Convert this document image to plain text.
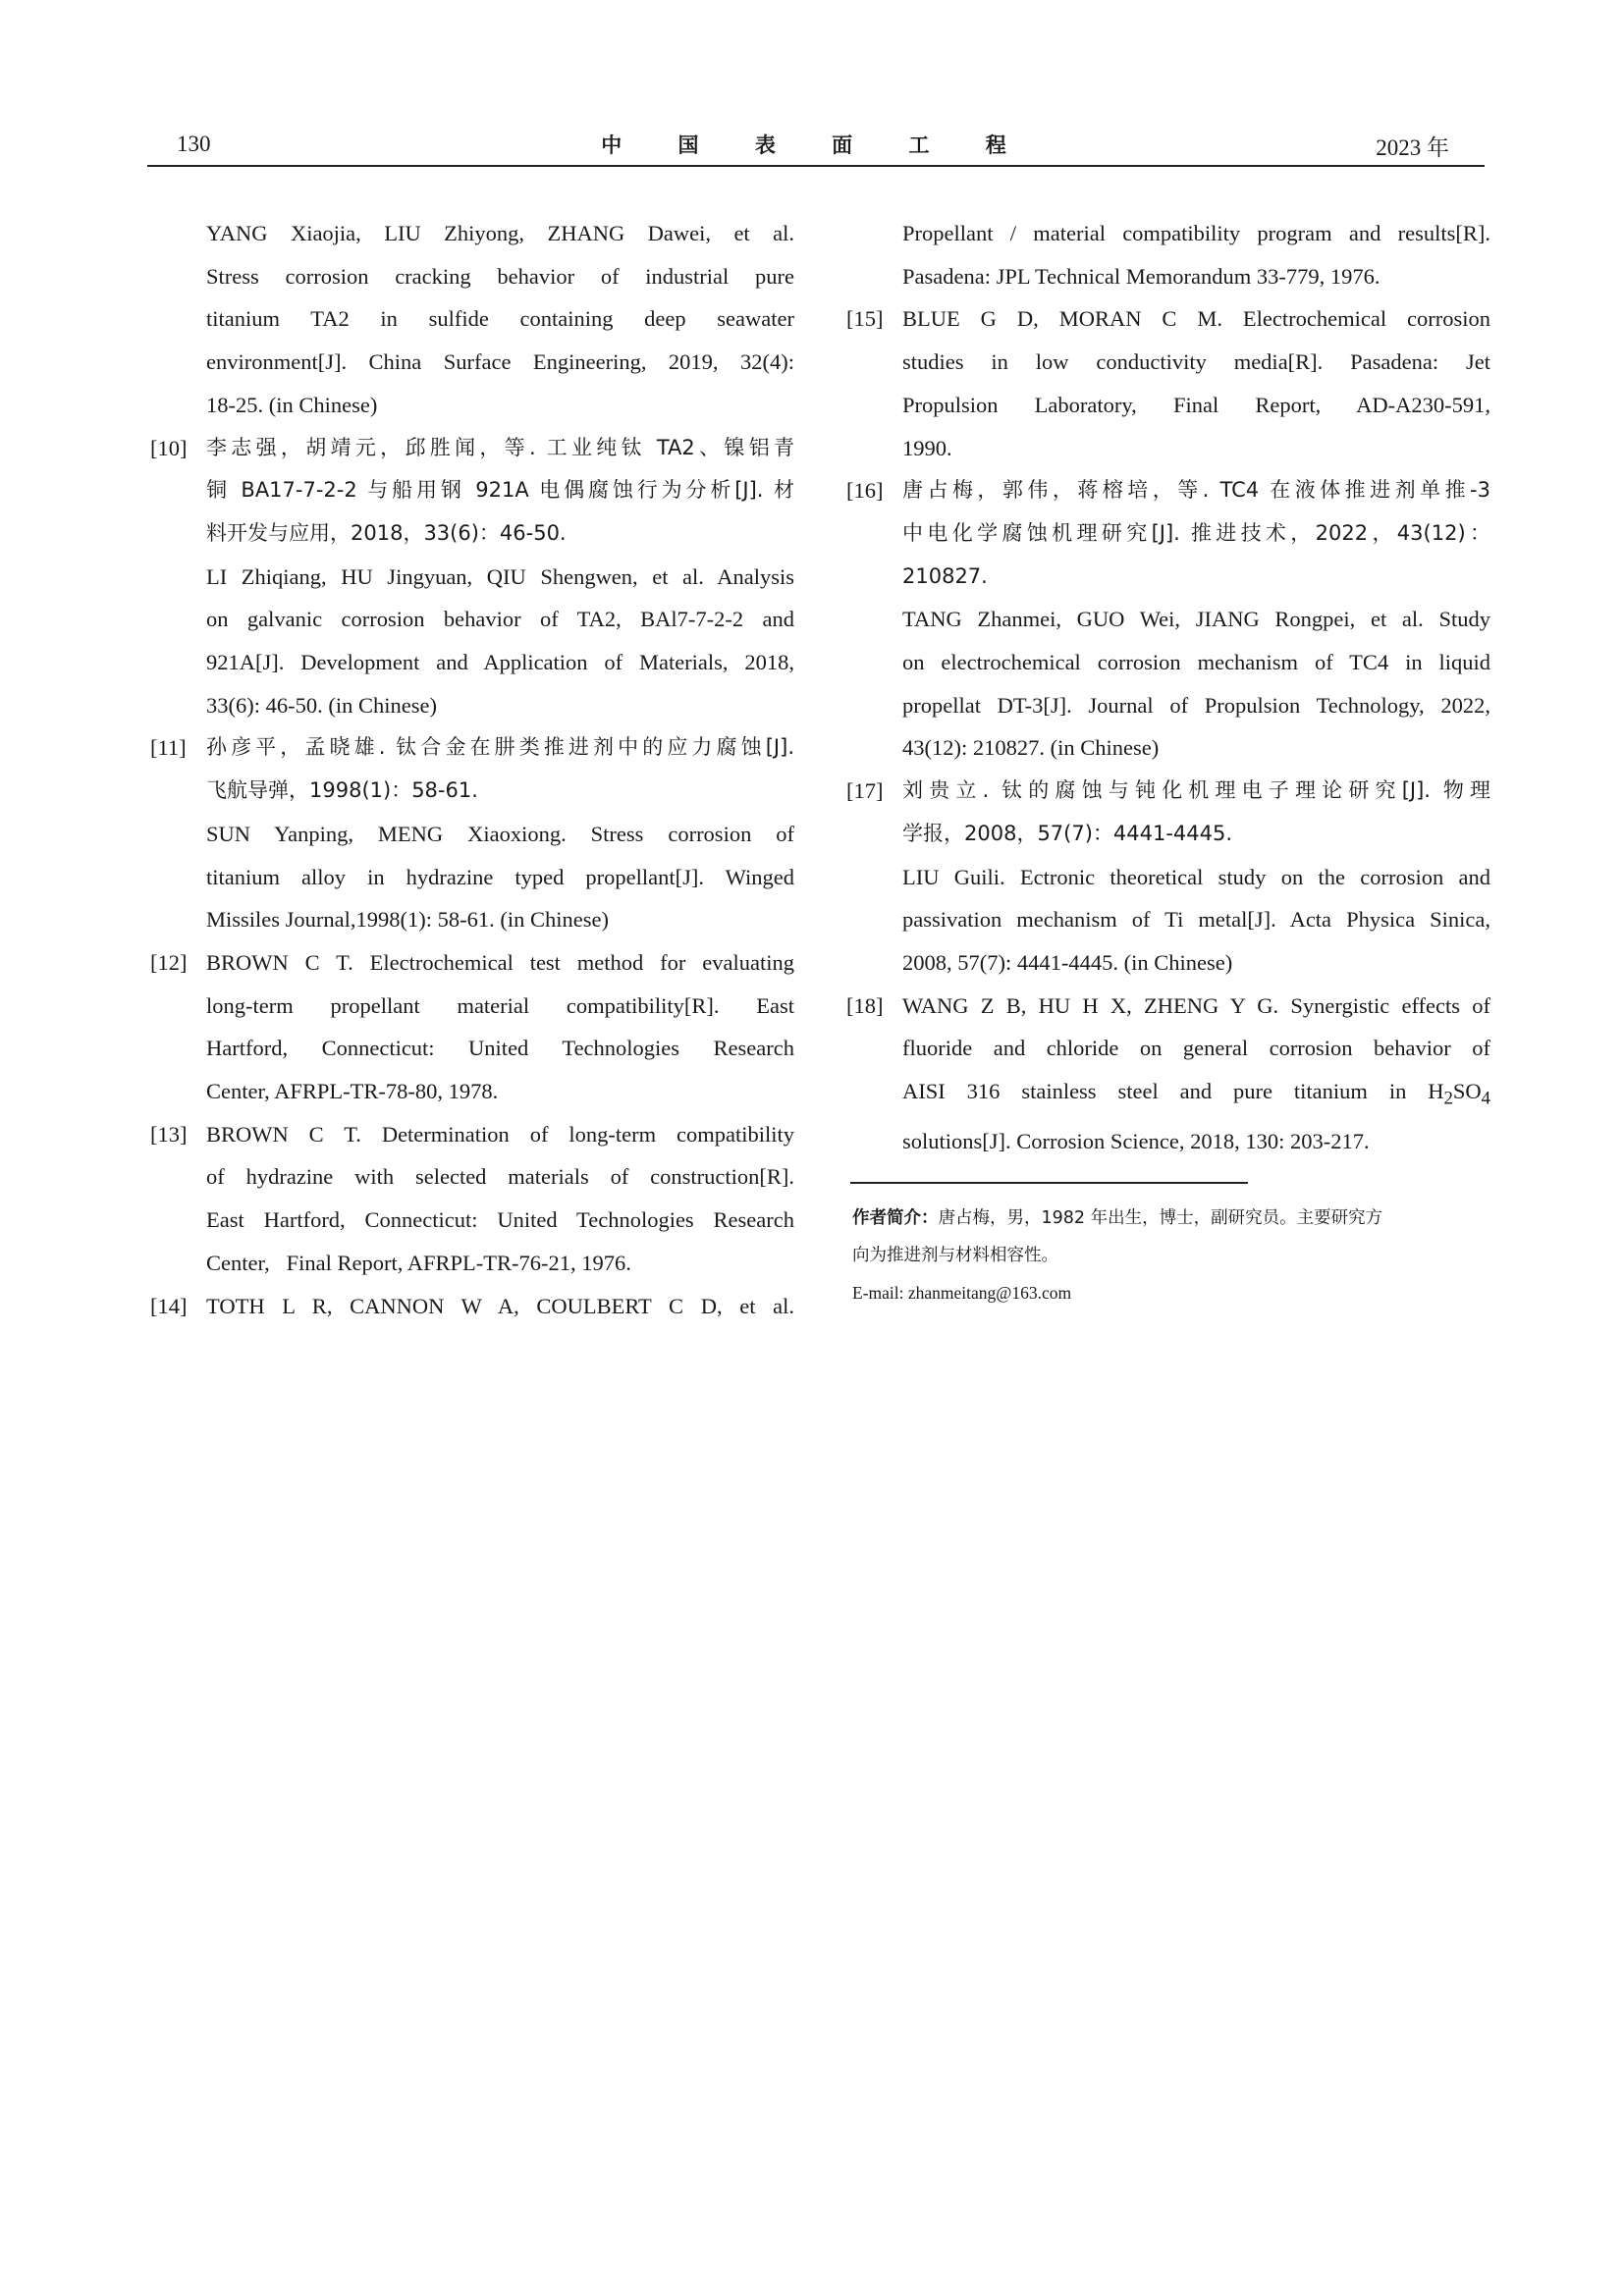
130	中 国 表 面 工 程	2023 年
YANG Xiaojia, LIU Zhiyong, ZHANG Dawei, et al.
Stress corrosion cracking behavior of industrial pure
titanium TA2 in sulfide containing deep seawater
environment[J]. China Surface Engineering, 2019, 32(4):
18-25. (in Chinese)
[10] 李志强，胡靖元，邱胜闻，等. 工业纯钛 TA2、镍铝青
铜 BA17-7-2-2 与船用钢 921A 电偶腐蚀行为分析[J]. 材
料开发与应用，2018，33(6)：46-50.
LI Zhiqiang, HU Jingyuan, QIU Shengwen, et al. Analysis
on galvanic corrosion behavior of TA2, BAl7-7-2-2 and
921A[J]. Development and Application of Materials, 2018,
33(6): 46-50. (in Chinese)
[11] 孙彦平，孟晓雄. 钛合金在肼类推进剂中的应力腐蚀[J].
飞航导弹，1998(1)：58-61.
SUN Yanping, MENG Xiaoxiong. Stress corrosion of
titanium alloy in hydrazine typed propellant[J]. Winged
Missiles Journal,1998(1): 58-61. (in Chinese)
[12] BROWN C T. Electrochemical test method for evaluating
long-term propellant material compatibility[R]. East
Hartford, Connecticut: United Technologies Research
Center, AFRPL-TR-78-80, 1978.
[13] BROWN C T. Determination of long-term compatibility
of hydrazine with selected materials of construction[R].
East Hartford, Connecticut: United Technologies Research
Center,   Final Report, AFRPL-TR-76-21, 1976.
[14] TOTH L R, CANNON W A, COULBERT C D, et al.
Propellant / material compatibility program and results[R].
Pasadena: JPL Technical Memorandum 33-779, 1976.
[15] BLUE G D, MORAN C M. Electrochemical corrosion
studies in low conductivity media[R]. Pasadena: Jet
Propulsion Laboratory, Final Report, AD-A230-591,
1990.
[16] 唐占梅，郭伟，蒋榕培，等. TC4 在液体推进剂单推-3
中电化学腐蚀机理研究[J]. 推进技术，2022，43(12)：
210827.
TANG Zhanmei, GUO Wei, JIANG Rongpei, et al. Study
on electrochemical corrosion mechanism of TC4 in liquid
propellat DT-3[J]. Journal of Propulsion Technology, 2022,
43(12): 210827. (in Chinese)
[17] 刘贵立. 钛的腐蚀与钝化机理电子理论研究[J]. 物理
学报，2008，57(7)：4441-4445.
LIU Guili. Ectronic theoretical study on the corrosion and
passivation mechanism of Ti metal[J]. Acta Physica Sinica,
2008, 57(7): 4441-4445. (in Chinese)
[18] WANG Z B, HU H X, ZHENG Y G. Synergistic effects of
fluoride and chloride on general corrosion behavior of
AISI 316 stainless steel and pure titanium in $H_2SO_4$
solutions[J]. Corrosion Science, 2018, 130: 203-217.
作者简介：唐占梅，男，1982 年出生，博士，副研究员。主要研究方
向为推进剂与材料相容性。
E-mail: zhanmeitang@163.com
